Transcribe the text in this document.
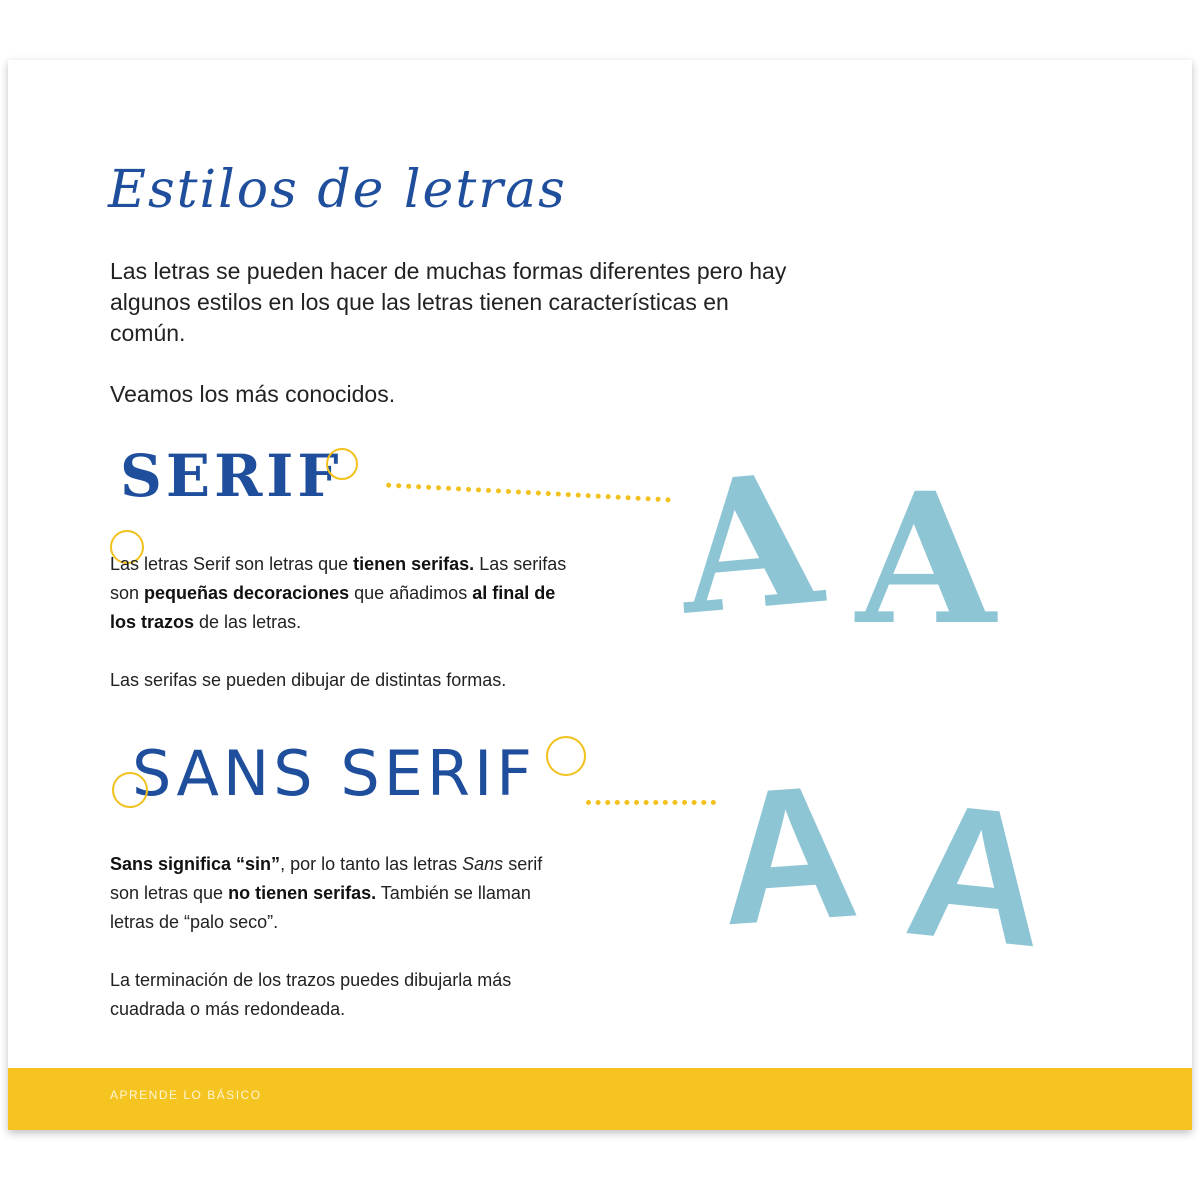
Estilos de letras

Las letras se pueden hacer de muchas formas diferentes pero hay algunos estilos en los que las letras tienen características en común.

Veamos los más conocidos.

SERIF A A

Las letras Serif son letras que tienen serifas. Las serifas son pequeñas decoraciones que añadimos al final de los trazos de las letras.

Las serifas se pueden dibujar de distintas formas.

SANS SERIF A A

Sans significa “sin”, por lo tanto las letras Sans serif son letras que no tienen serifas. También se llaman letras de “palo seco”.

La terminación de los trazos puedes dibujarla más cuadrada o más redondeada.

APRENDE LO BÁSICO
